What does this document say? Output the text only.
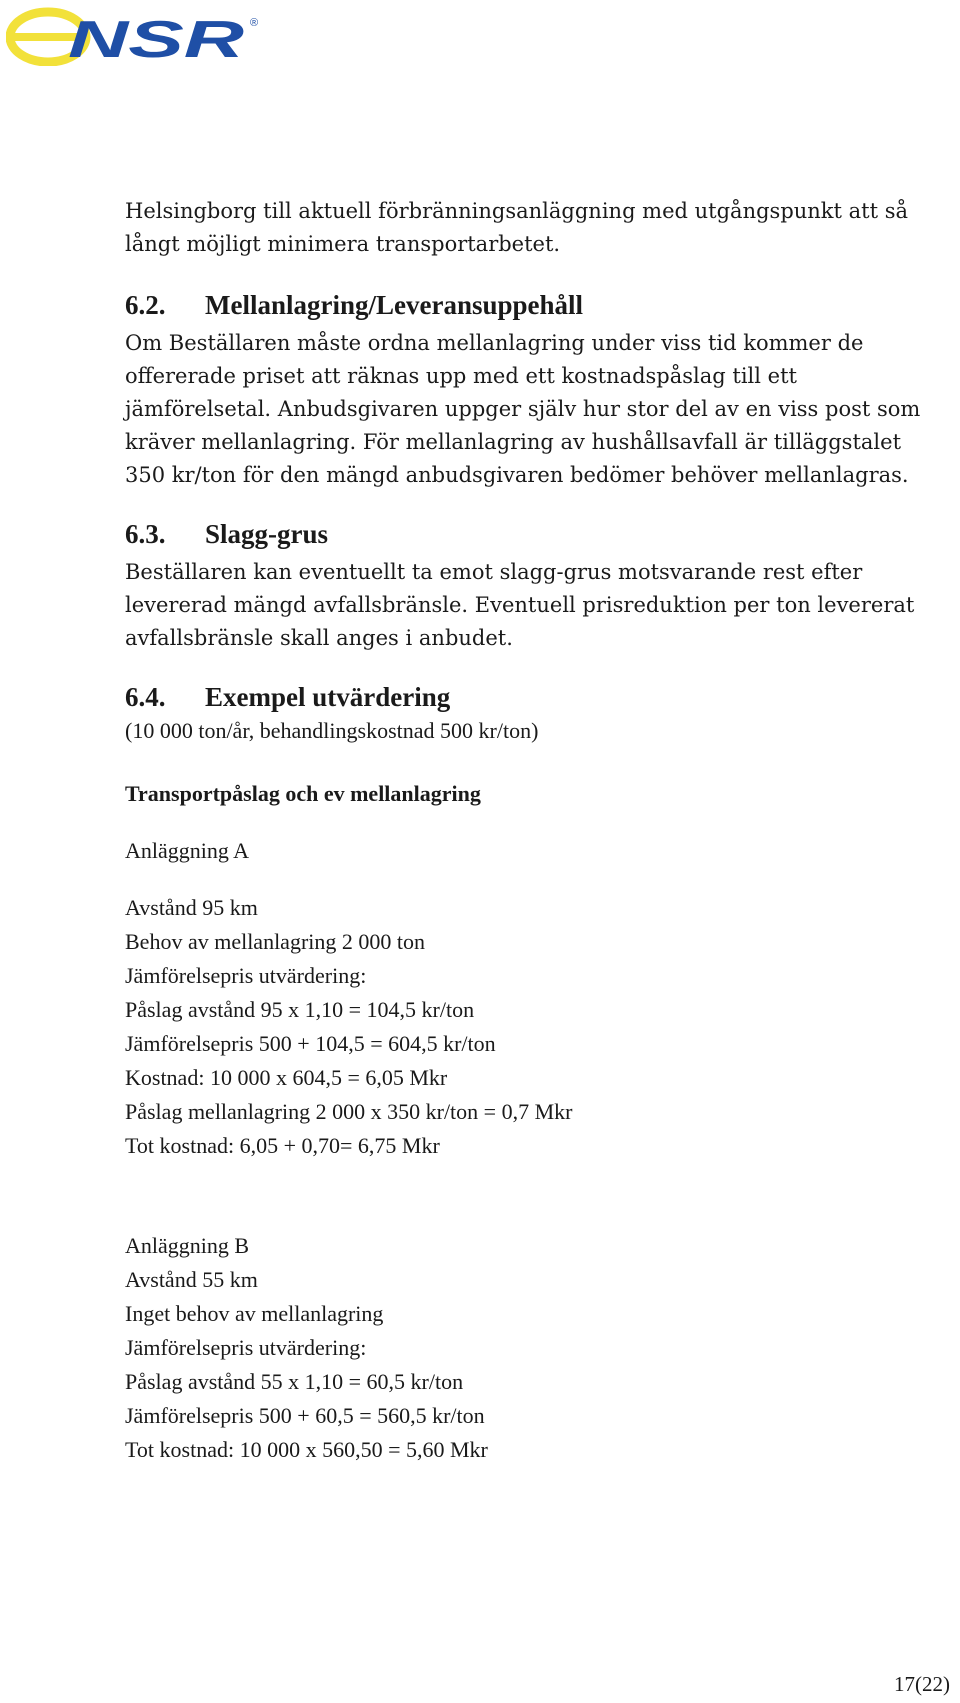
NSR ®

Helsingborg till aktuell förbränningsanläggning med utgångspunkt att så långt möjligt minimera transportarbetet.

6.2.	Mellanlagring/Leveransuppehåll

Om Beställaren måste ordna mellanlagring under viss tid kommer de offererade priset att räknas upp med ett kostnadspåslag till ett jämförelsetal. Anbudsgivaren uppger själv hur stor del av en viss post som kräver mellanlagring. För mellanlagring av hushållsavfall är tilläggstalet 350 kr/ton för den mängd anbudsgivaren bedömer behöver mellanlagras.

6.3.	Slagg-grus

Beställaren kan eventuellt ta emot slagg-grus motsvarande rest efter levererad mängd avfallsbränsle. Eventuell prisreduktion per ton levererat avfallsbränsle skall anges i anbudet.

6.4.	Exempel utvärdering

(10 000 ton/år, behandlingskostnad 500 kr/ton)

Transportpåslag och ev mellanlagring

Anläggning A

Avstånd 95 km

Behov av mellanlagring 2 000 ton

Jämförelsepris utvärdering:

Påslag avstånd 95 x 1,10 = 104,5 kr/ton

Jämförelsepris 500 + 104,5 = 604,5 kr/ton

Kostnad: 10 000 x 604,5 = 6,05 Mkr

Påslag mellanlagring 2 000 x 350 kr/ton = 0,7 Mkr

Tot kostnad: 6,05 + 0,70= 6,75 Mkr

Anläggning B

Avstånd 55 km

Inget behov av mellanlagring

Jämförelsepris utvärdering:

Påslag avstånd 55 x 1,10 = 60,5 kr/ton

Jämförelsepris 500 + 60,5 = 560,5 kr/ton

Tot kostnad: 10 000 x 560,50 = 5,60 Mkr

17(22)
